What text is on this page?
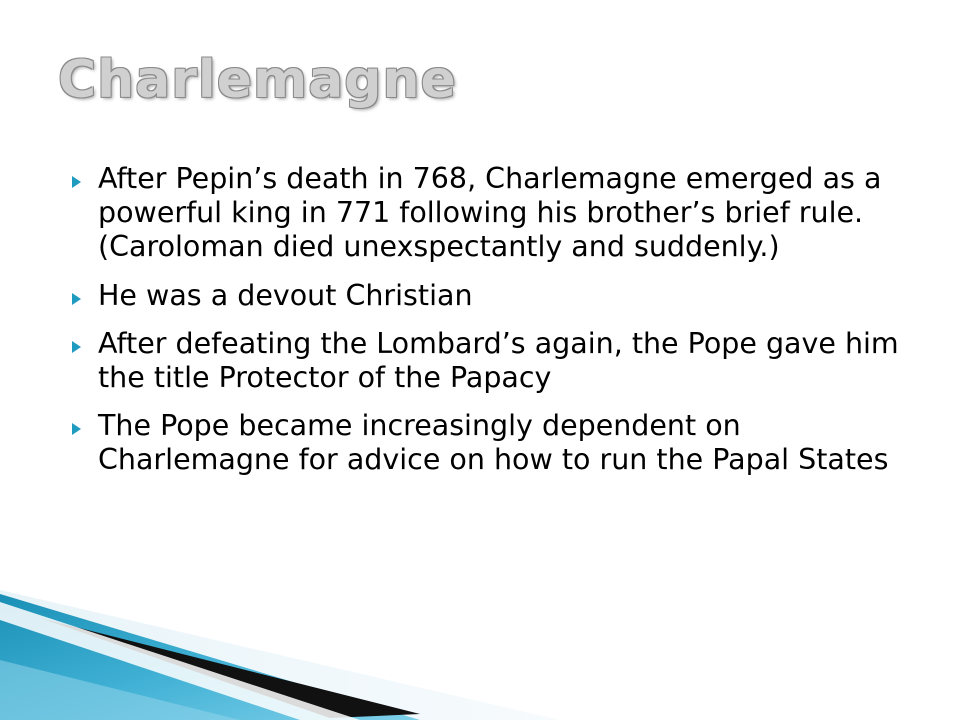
Charlemagne
After Pepin’s death in 768, Charlemagne emerged as a powerful king in 771 following his brother’s brief rule. (Caroloman died unexspectantly and suddenly.)
He was a devout Christian
After defeating the Lombard’s again, the Pope gave him the title Protector of the Papacy
The Pope became increasingly dependent on Charlemagne for advice on how to run the Papal States
